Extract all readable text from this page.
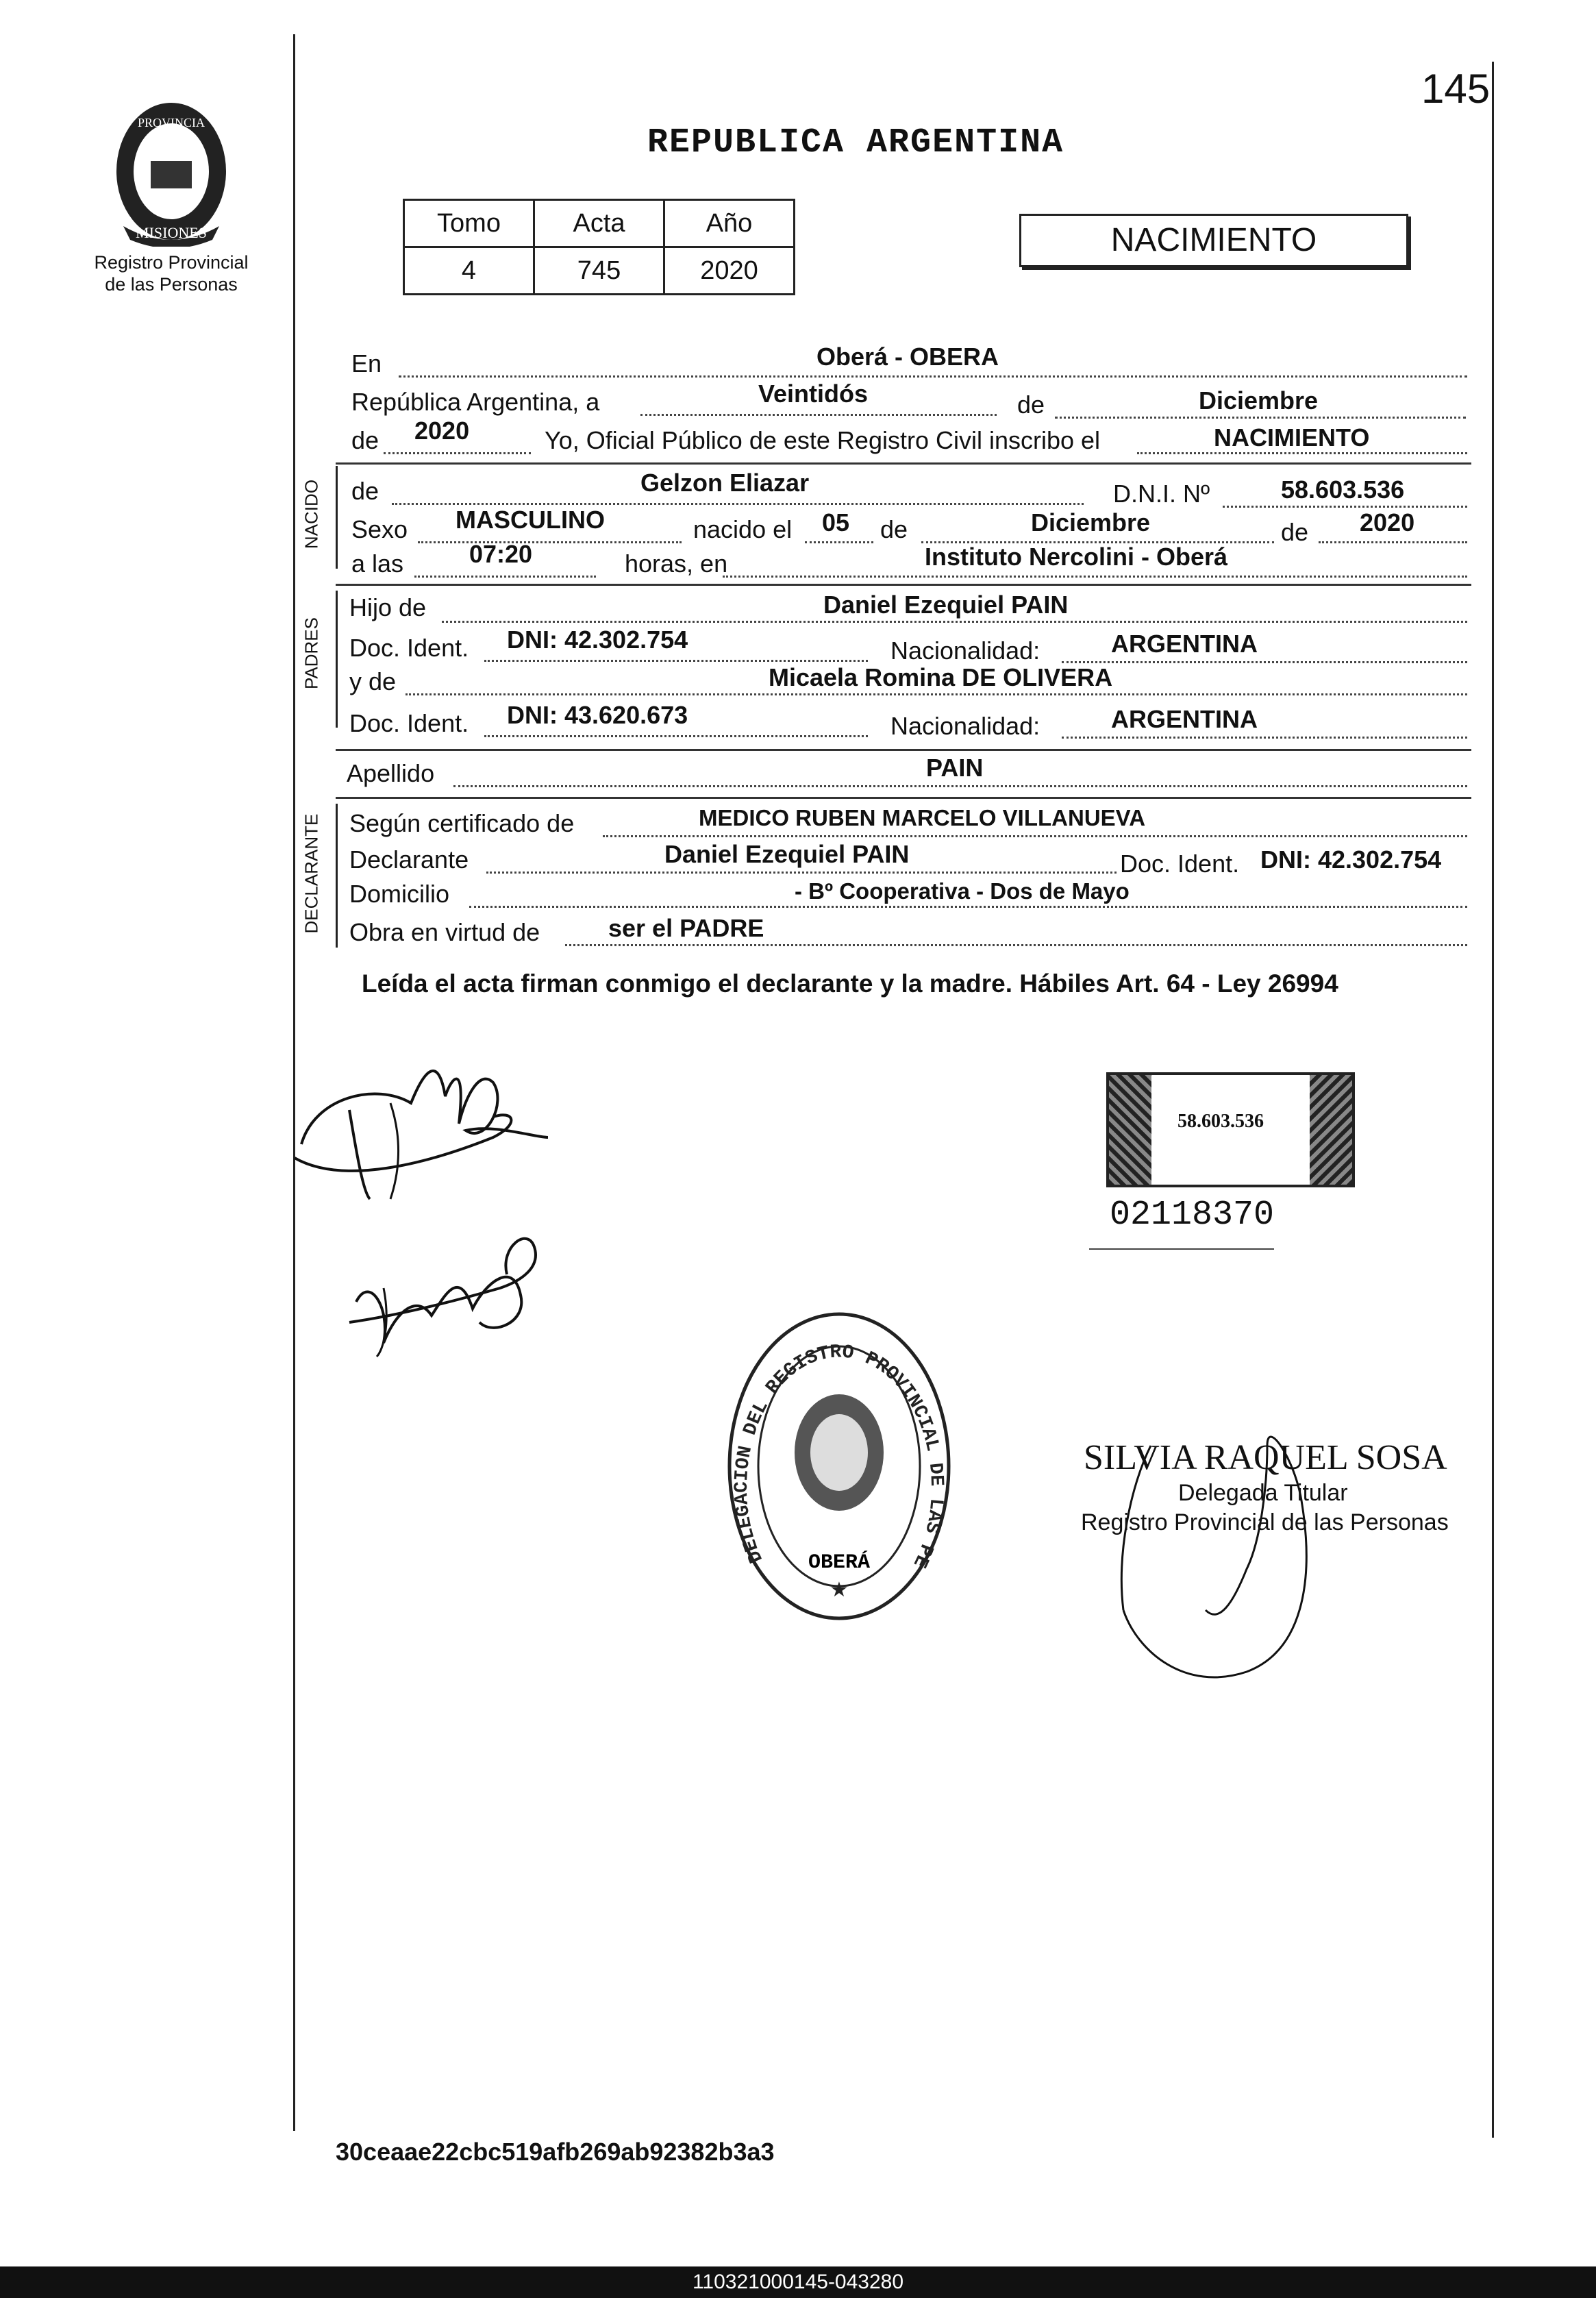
145
PROVINCIA
MISIONES
Registro Provincial
de las Personas
REPUBLICA ARGENTINA
Tomo	Acta	Año
4	745	2020
NACIMIENTO
En	Oberá - OBERA
República Argentina, a	Veintidós	de	Diciembre
de 2020	Yo, Oficial Público de este Registro Civil inscribo el	NACIMIENTO
NACIDO de	Gelzon Eliazar	D.N.I. Nº	58.603.536
Sexo MASCULINO	nacido el 05 de	Diciembre	de 2020
a las	07:20	horas, en	Instituto Nercolini - Oberá
PADRES
Hijo de	Daniel Ezequiel PAIN
Doc. Ident. DNI: 42.302.754	Nacionalidad:	ARGENTINA
y de	Micaela Romina DE OLIVERA
Doc. Ident. DNI: 43.620.673	Nacionalidad:	ARGENTINA
Apellido	PAIN
DECLARANTE Según certificado de	MEDICO RUBEN MARCELO VILLANUEVA
Declarante	Daniel Ezequiel PAIN	Doc. Ident. DNI: 42.302.754
Domicilio	- Bº Cooperativa - Dos de Mayo
Obra en virtud de	ser el PADRE
Leída el acta firman conmigo el declarante y la madre. Hábiles Art. 64 - Ley 26994
58.603.536
02118370
DELEGACION DEL REGISTRO PROVINCIAL DE LAS PE
OBERÁ
★
SILVIA RAQUEL SOSA
Delegada Titular
Registro Provincial de las Personas
30ceaae22cbc519afb269ab92382b3a3
110321000145-043280
